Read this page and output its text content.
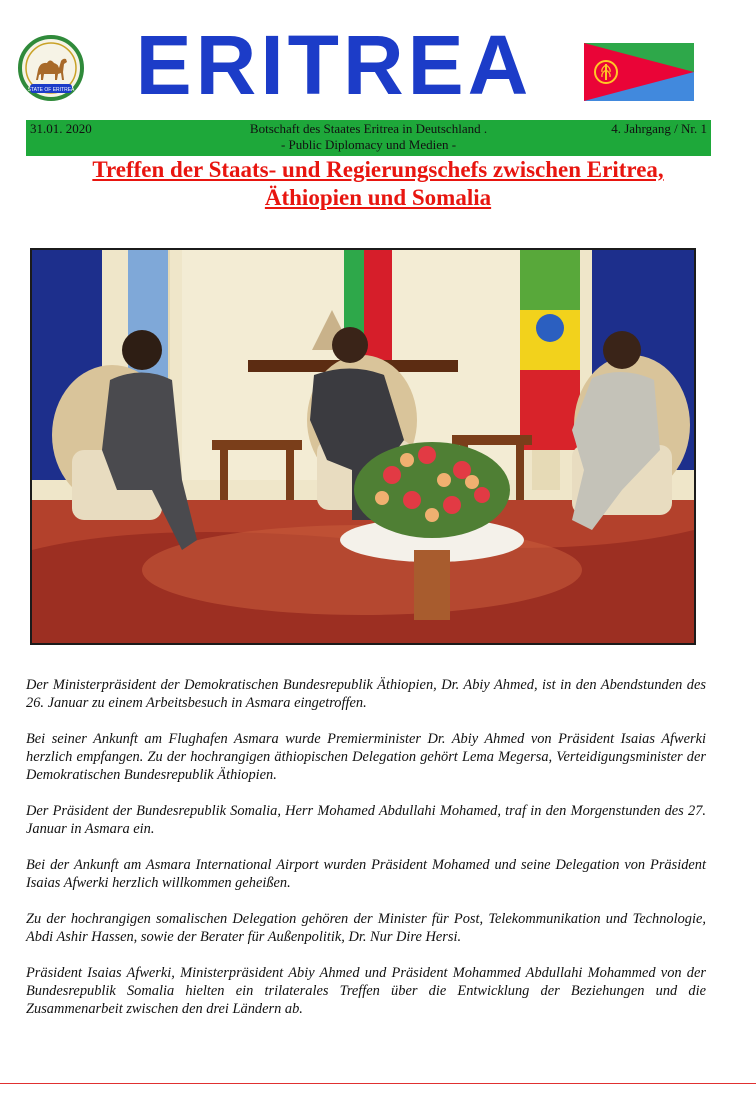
STATE OF ERITREA ERITREA
31.01. 2020	Botschaft des Staates Eritrea in Deutschland .
- Public Diplomacy und Medien -
4. Jahrgang / Nr. 1
Treffen der Staats- und Regierungschefs zwischen Eritrea,
Äthiopien und Somalia

Der Ministerpräsident der Demokratischen Bundesrepublik Äthiopien, Dr. Abiy Ahmed, ist in den Abendstunden des 26. Januar zu einem Arbeitsbesuch in Asmara eingetroffen.

Bei seiner Ankunft am Flughafen Asmara wurde Premierminister Dr. Abiy Ahmed von Präsident Isaias Afwerki herzlich empfangen. Zu der hochrangigen äthiopischen Delegation gehört Lema Megersa, Verteidigungsminister der Demokratischen Bundesrepublik Äthiopien.

Der Präsident der Bundesrepublik Somalia, Herr Mohamed Abdullahi Mohamed, traf in den Morgenstunden des 27. Januar in Asmara ein.

Bei der Ankunft am Asmara International Airport wurden Präsident Mohamed und seine Delegation von Präsident Isaias Afwerki herzlich willkommen geheißen.

Zu der hochrangigen somalischen Delegation gehören der Minister für Post, Telekommunikation und Technologie, Abdi Ashir Hassen, sowie der Berater für Außenpolitik, Dr. Nur Dire Hersi.

Präsident Isaias Afwerki, Ministerpräsident Abiy Ahmed und Präsident Mohammed Abdullahi Mohammed von der Bundesrepublik Somalia hielten ein trilaterales Treffen über die Entwicklung der Beziehungen und die Zusammenarbeit zwischen den drei Ländern ab.
